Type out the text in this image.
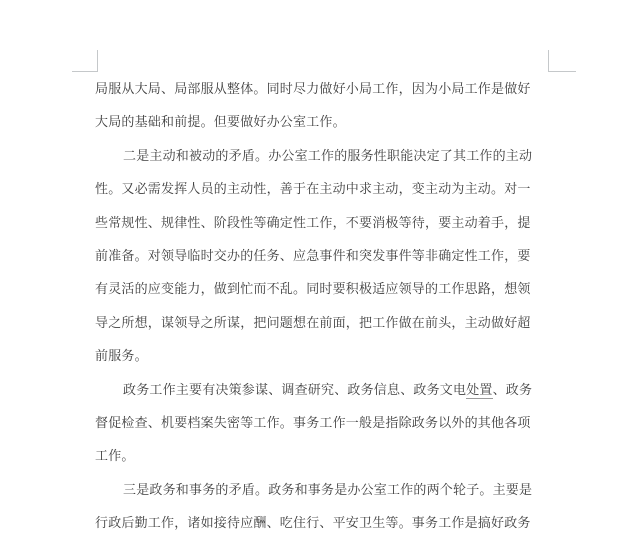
局服从大局、局部服从整体。同时尽力做好小局工作，因为小局工作是做好
大局的基础和前提。但要做好办公室工作。
二是主动和被动的矛盾。办公室工作的服务性职能决定了其工作的主动
性。又必需发挥人员的主动性，善于在主动中求主动，变主动为主动。对一
些常规性、规律性、阶段性等确定性工作，不要消极等待，要主动着手，提
前准备。对领导临时交办的任务、应急事件和突发事件等非确定性工作，要
有灵活的应变能力，做到忙而不乱。同时要积极适应领导的工作思路，想领
导之所想，谋领导之所谋，把问题想在前面，把工作做在前头，主动做好超
前服务。
政务工作主要有决策参谋、调查研究、政务信息、政务文电处置、政务
督促检查、机要档案失密等工作。事务工作一般是指除政务以外的其他各项
工作。
三是政务和事务的矛盾。政务和事务是办公室工作的两个轮子。主要是
行政后勤工作，诸如接待应酬、吃住行、平安卫生等。事务工作是搞好政务
